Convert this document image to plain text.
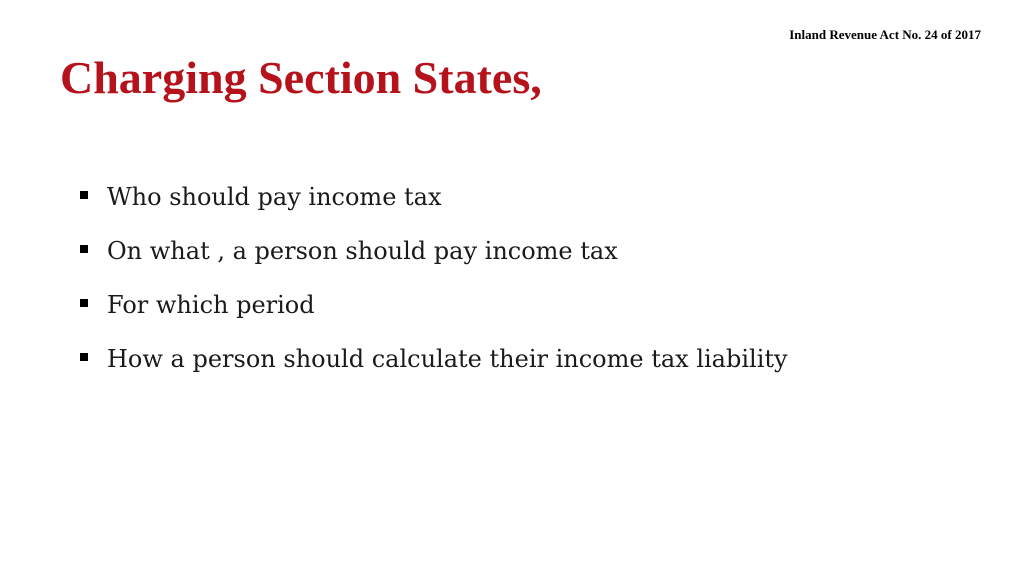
Inland Revenue Act No. 24 of 2017
Charging Section States,
Who should pay income tax
On what , a person should pay income tax
For which period
How a person should calculate their income tax liability
